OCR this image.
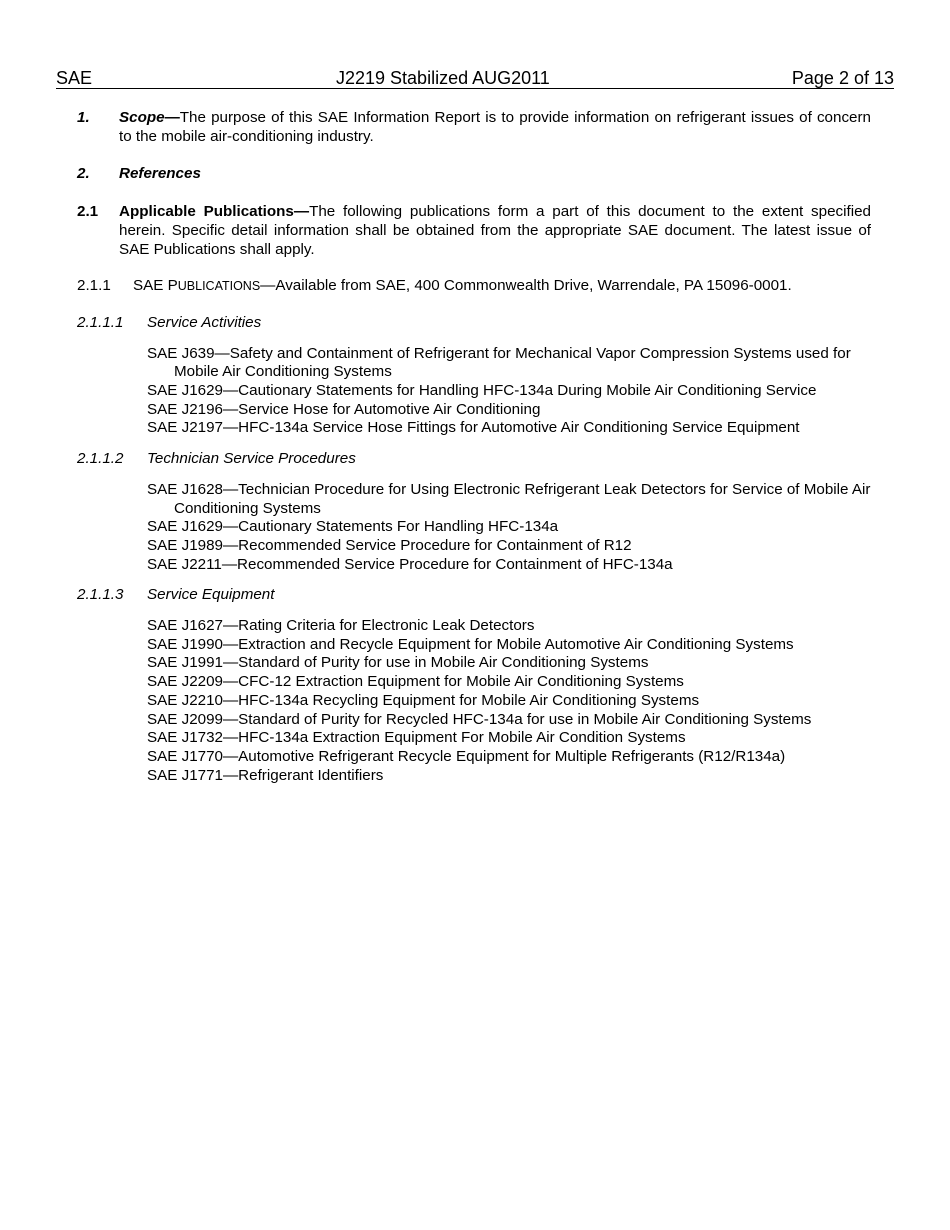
SAE	J2219 Stabilized AUG2011	Page 2 of 13
1. Scope—The purpose of this SAE Information Report is to provide information on refrigerant issues of concern to the mobile air-conditioning industry.
2. References
2.1 Applicable Publications—The following publications form a part of this document to the extent specified herein. Specific detail information shall be obtained from the appropriate SAE document. The latest issue of SAE Publications shall apply.
2.1.1 SAE PUBLICATIONS—Available from SAE, 400 Commonwealth Drive, Warrendale, PA 15096-0001.
2.1.1.1 Service Activities
SAE J639—Safety and Containment of Refrigerant for Mechanical Vapor Compression Systems used for Mobile Air Conditioning Systems
SAE J1629—Cautionary Statements for Handling HFC-134a During Mobile Air Conditioning Service
SAE J2196—Service Hose for Automotive Air Conditioning
SAE J2197—HFC-134a Service Hose Fittings for Automotive Air Conditioning Service Equipment
2.1.1.2 Technician Service Procedures
SAE J1628—Technician Procedure for Using Electronic Refrigerant Leak Detectors for Service of Mobile Air Conditioning Systems
SAE J1629—Cautionary Statements For Handling HFC-134a
SAE J1989—Recommended Service Procedure for Containment of R12
SAE J2211—Recommended Service Procedure for Containment of HFC-134a
2.1.1.3 Service Equipment
SAE J1627—Rating Criteria for Electronic Leak Detectors
SAE J1990—Extraction and Recycle Equipment for Mobile Automotive Air Conditioning Systems
SAE J1991—Standard of Purity for use in Mobile Air Conditioning Systems
SAE J2209—CFC-12 Extraction Equipment for Mobile Air Conditioning Systems
SAE J2210—HFC-134a Recycling Equipment for Mobile Air Conditioning Systems
SAE J2099—Standard of Purity for Recycled HFC-134a for use in Mobile Air Conditioning Systems
SAE J1732—HFC-134a Extraction Equipment For Mobile Air Condition Systems
SAE J1770—Automotive Refrigerant Recycle Equipment for Multiple Refrigerants (R12/R134a)
SAE J1771—Refrigerant Identifiers
